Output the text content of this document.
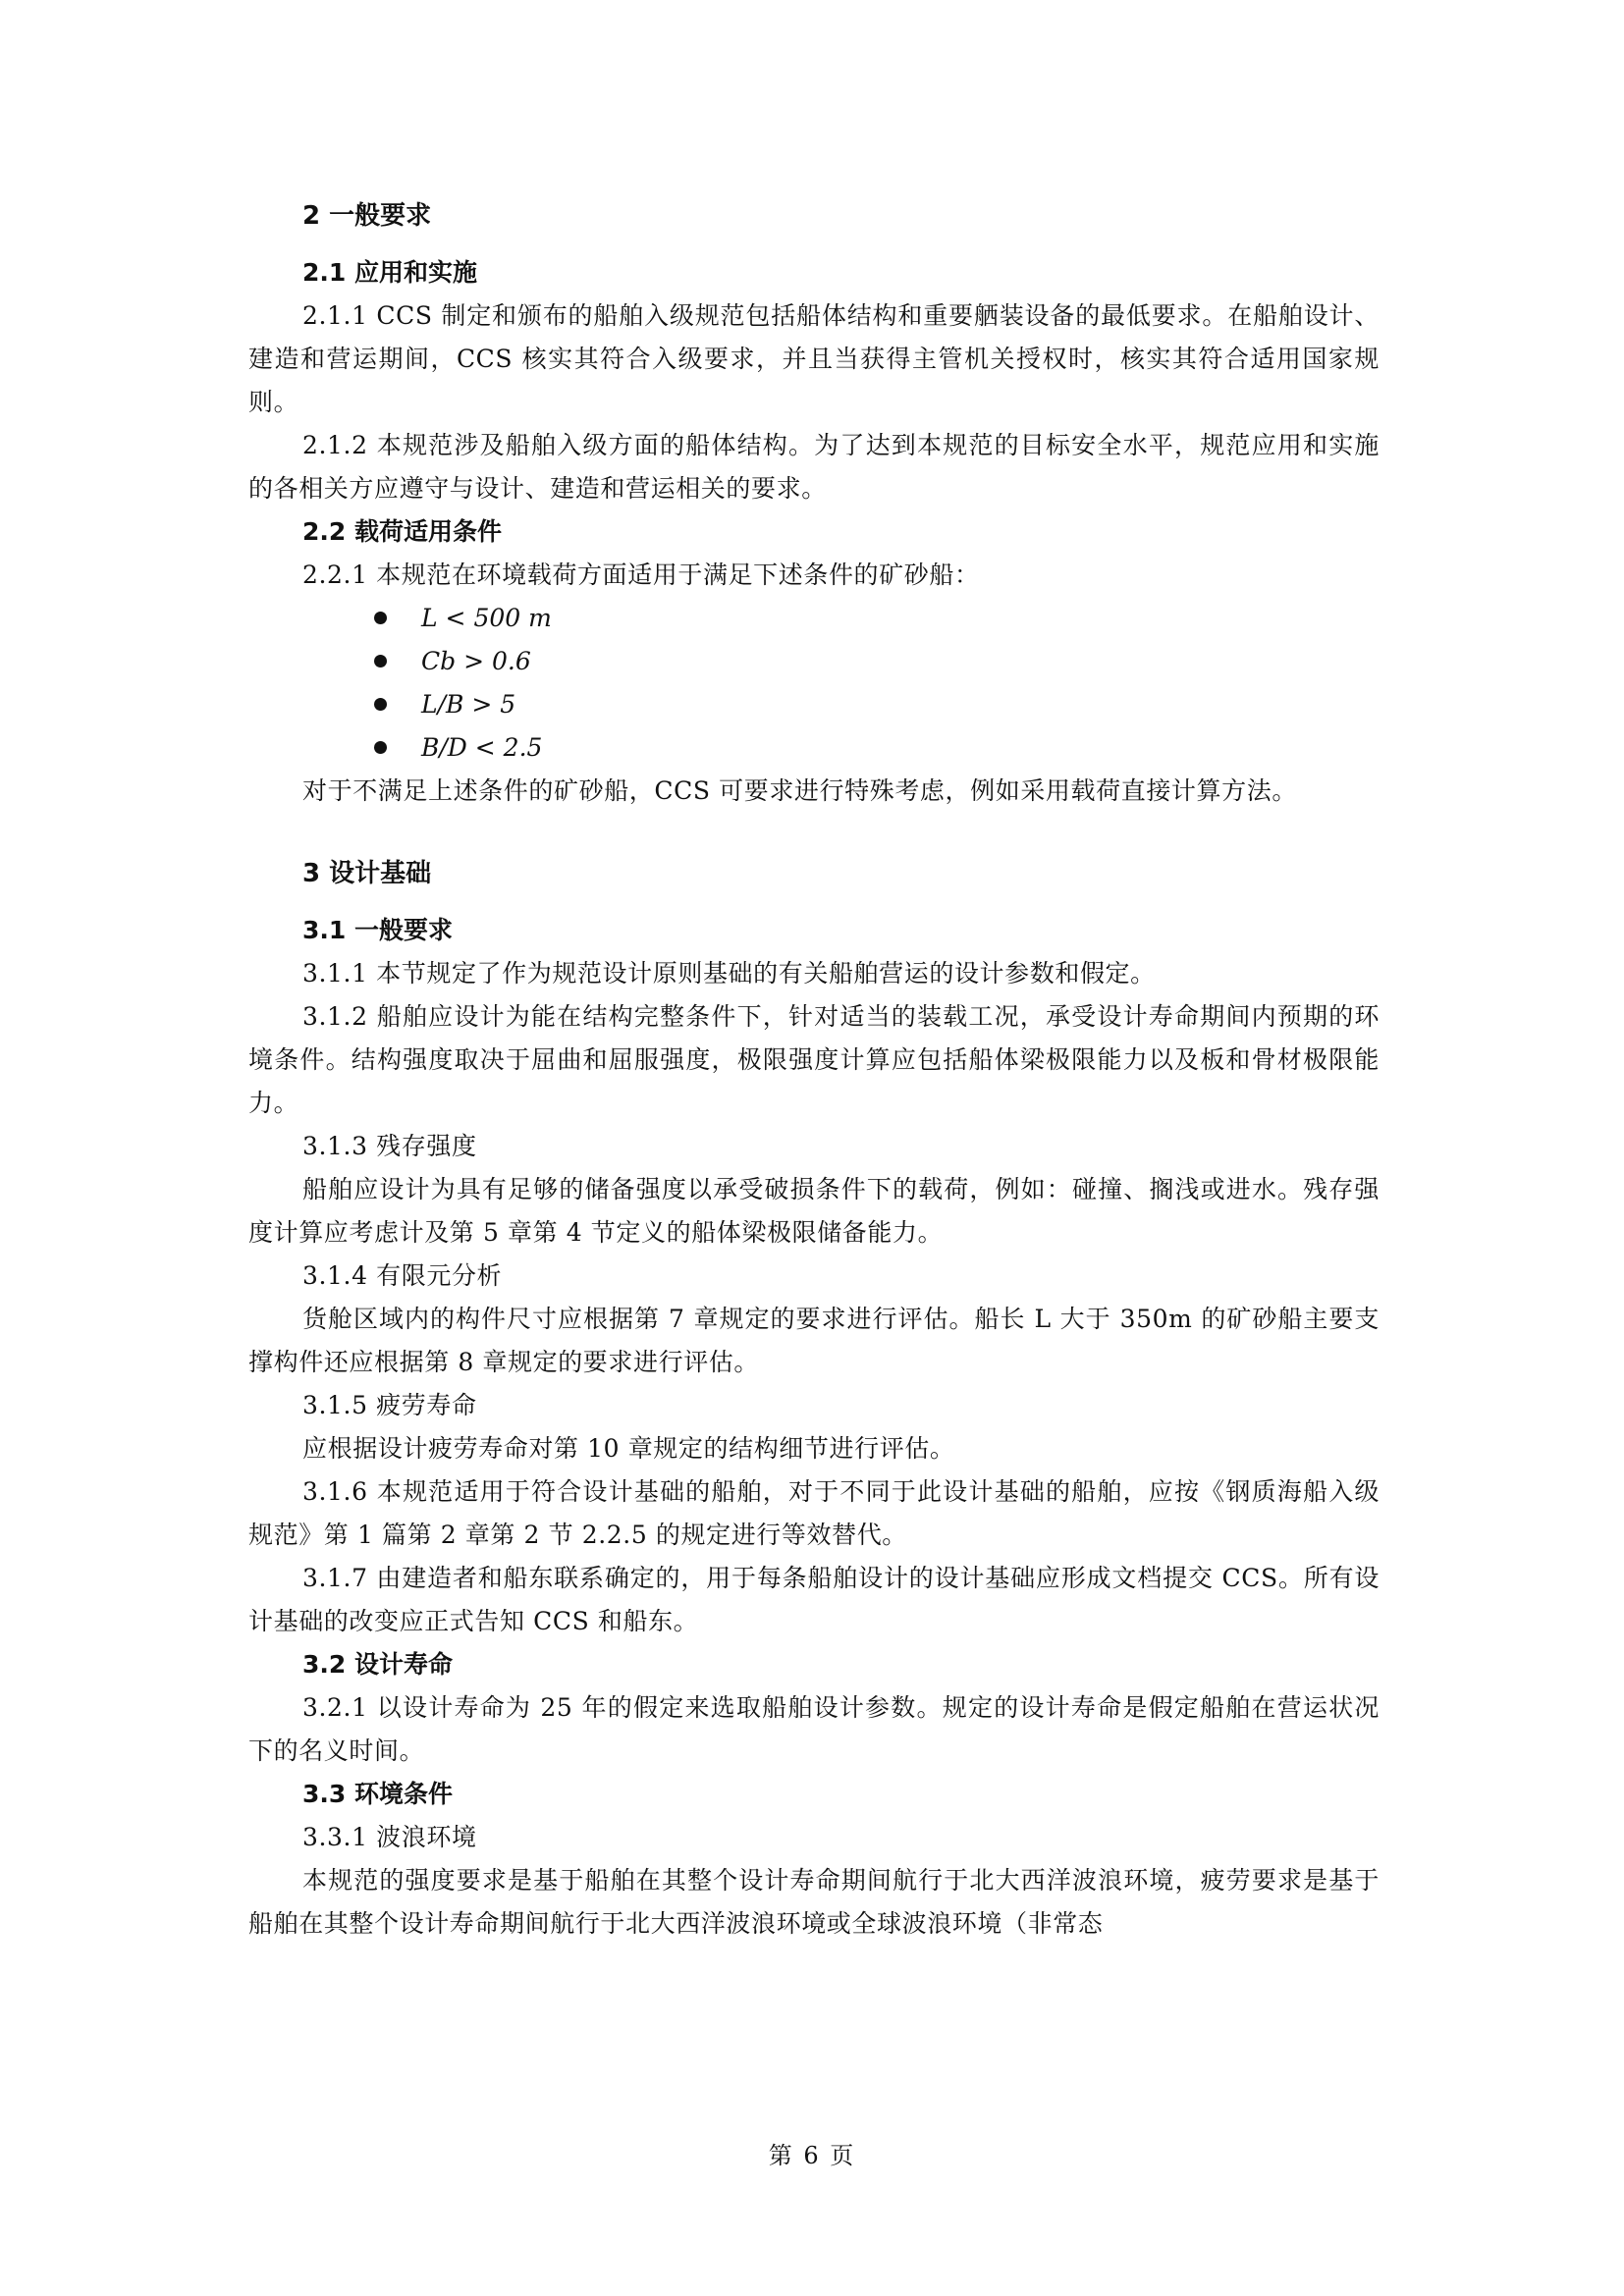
2 一般要求
2.1 应用和实施

2.1.1 CCS 制定和颁布的船舶入级规范包括船体结构和重要舾装设备的最低要求。在船舶设计、建造和营运期间，CCS 核实其符合入级要求，并且当获得主管机关授权时，核实其符合适用国家规则。

2.1.2 本规范涉及船舶入级方面的船体结构。为了达到本规范的目标安全水平，规范应用和实施的各相关方应遵守与设计、建造和营运相关的要求。

2.2 载荷适用条件

2.2.1 本规范在环境载荷方面适用于满足下述条件的矿砂船：

L < 500 m
Cb > 0.6
L/B > 5
B/D < 2.5

对于不满足上述条件的矿砂船，CCS 可要求进行特殊考虑，例如采用载荷直接计算方法。

3 设计基础
3.1 一般要求

3.1.1 本节规定了作为规范设计原则基础的有关船舶营运的设计参数和假定。

3.1.2 船舶应设计为能在结构完整条件下，针对适当的装载工况，承受设计寿命期间内预期的环境条件。结构强度取决于屈曲和屈服强度，极限强度计算应包括船体梁极限能力以及板和骨材极限能力。

3.1.3 残存强度

船舶应设计为具有足够的储备强度以承受破损条件下的载荷，例如：碰撞、搁浅或进水。残存强度计算应考虑计及第 5 章第 4 节定义的船体梁极限储备能力。

3.1.4 有限元分析

货舱区域内的构件尺寸应根据第 7 章规定的要求进行评估。船长 L 大于 350m 的矿砂船主要支撑构件还应根据第 8 章规定的要求进行评估。

3.1.5 疲劳寿命

应根据设计疲劳寿命对第 10 章规定的结构细节进行评估。

3.1.6 本规范适用于符合设计基础的船舶，对于不同于此设计基础的船舶，应按《钢质海船入级规范》第 1 篇第 2 章第 2 节 2.2.5 的规定进行等效替代。

3.1.7 由建造者和船东联系确定的，用于每条船舶设计的设计基础应形成文档提交 CCS。所有设计基础的改变应正式告知 CCS 和船东。

3.2 设计寿命

3.2.1 以设计寿命为 25 年的假定来选取船舶设计参数。规定的设计寿命是假定船舶在营运状况下的名义时间。

3.3 环境条件
3.3.1 波浪环境

本规范的强度要求是基于船舶在其整个设计寿命期间航行于北大西洋波浪环境，疲劳要求是基于船舶在其整个设计寿命期间航行于北大西洋波浪环境或全球波浪环境（非常态

第 6 页
